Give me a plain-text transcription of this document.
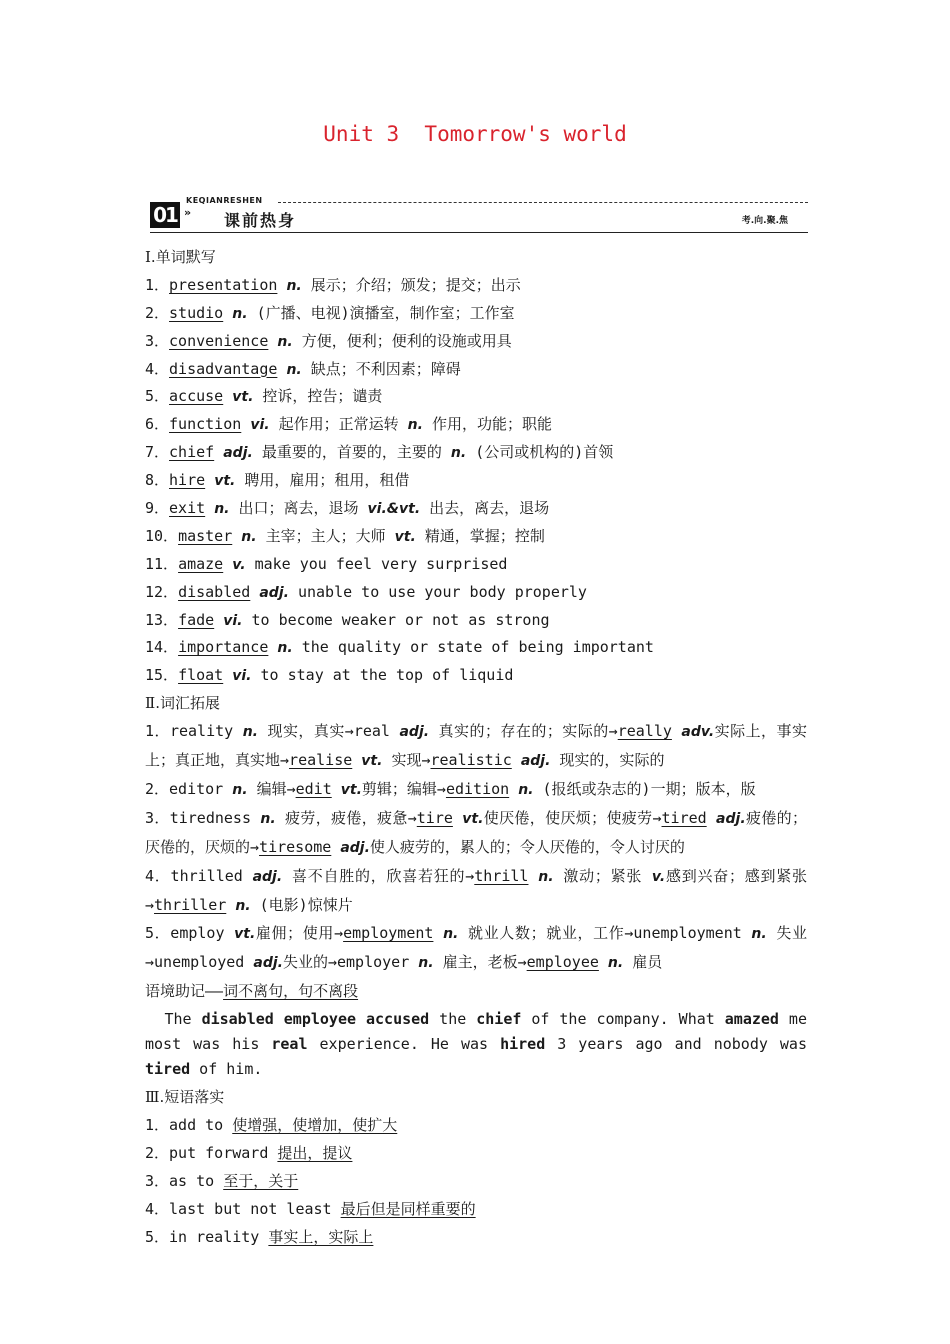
Unit 3  Tomorrow's world
KEQIANRESHEN
01 » 课前热身	考.向.聚.焦
Ⅰ.单词默写
1．presentation n. 展示；介绍；颁发；提交；出示
2．studio n. (广播、电视)演播室，制作室；工作室
3．convenience n. 方便，便利；便利的设施或用具
4．disadvantage n. 缺点；不利因素；障碍
5．accuse vt. 控诉，控告；谴责
6．function vi. 起作用；正常运转 n. 作用，功能；职能
7．chief adj. 最重要的，首要的，主要的 n. (公司或机构的)首领
8．hire vt. 聘用，雇用；租用，租借
9．exit n. 出口；离去，退场 vi.&vt. 出去，离去，退场
10．master n. 主宰；主人；大师 vt. 精通，掌握；控制
11．amaze v. make you feel very surprised
12．disabled adj. unable to use your body properly
13．fade vi. to become weaker or not as strong
14．importance n. the quality or state of being important
15．float vi. to stay at the top of liquid
Ⅱ.词汇拓展
1．reality n. 现实，真实→real adj. 真实的；存在的；实际的→really adv.实际上，事实上；真正地，真实地→realise vt. 实现→realistic adj. 现实的，实际的
2．editor n. 编辑→edit vt.剪辑；编辑→edition n. (报纸或杂志的)一期；版本，版
3．tiredness n. 疲劳，疲倦，疲惫→tire vt.使厌倦，使厌烦；使疲劳→tired adj.疲倦的；厌倦的，厌烦的→tiresome adj.使人疲劳的，累人的；令人厌倦的，令人讨厌的
4．thrilled adj. 喜不自胜的，欣喜若狂的→thrill n. 激动；紧张 v.感到兴奋；感到紧张→thriller n. (电影)惊悚片
5．employ vt.雇佣；使用→employment n. 就业人数；就业，工作→unemployment n. 失业→unemployed adj.失业的→employer n. 雇主，老板→employee n. 雇员
语境助记——词不离句，句不离段
The disabled employee accused the chief of the company. What amazed me most was his real experience. He was hired 3 years ago and nobody was tired of him.
Ⅲ.短语落实
1．add to 使增强，使增加，使扩大
2．put forward 提出，提议
3．as to 至于，关于
4．last but not least 最后但是同样重要的
5．in reality 事实上，实际上
